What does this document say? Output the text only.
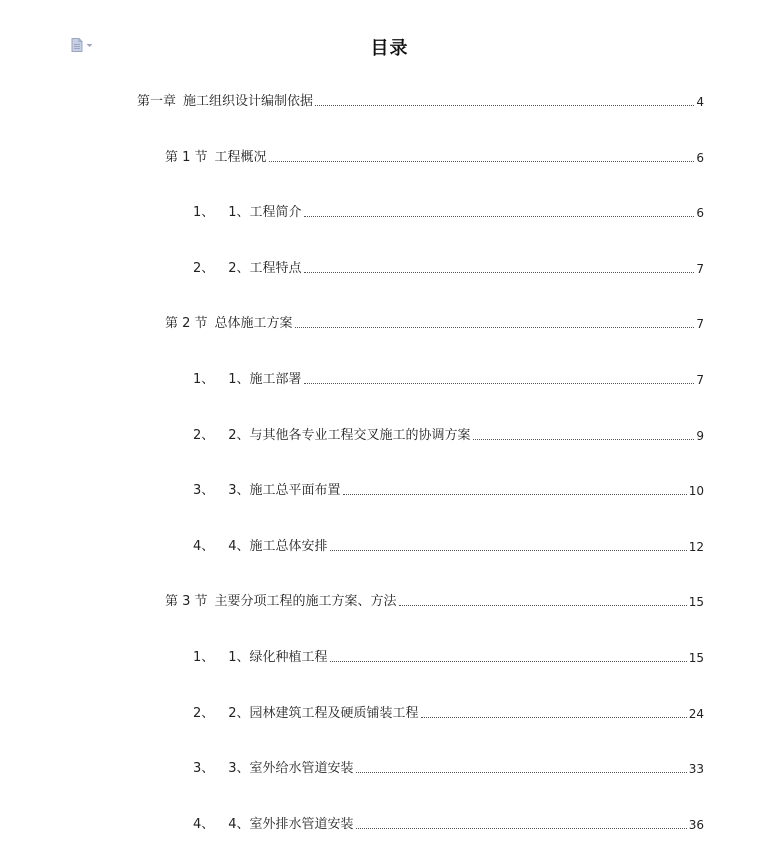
目录
第一章 施工组织设计编制依据	4
第 1 节 工程概况	6
1、 1、工程简介	6
2、 2、工程特点	7
第 2 节 总体施工方案	7
1、 1、施工部署	7
2、 2、与其他各专业工程交叉施工的协调方案	9
3、 3、施工总平面布置	10
4、 4、施工总体安排	12
第 3 节 主要分项工程的施工方案、方法	15
1、 1、绿化种植工程	15
2、 2、园林建筑工程及硬质铺装工程	24
3、 3、室外给水管道安装	33
4、 4、室外排水管道安装	36
